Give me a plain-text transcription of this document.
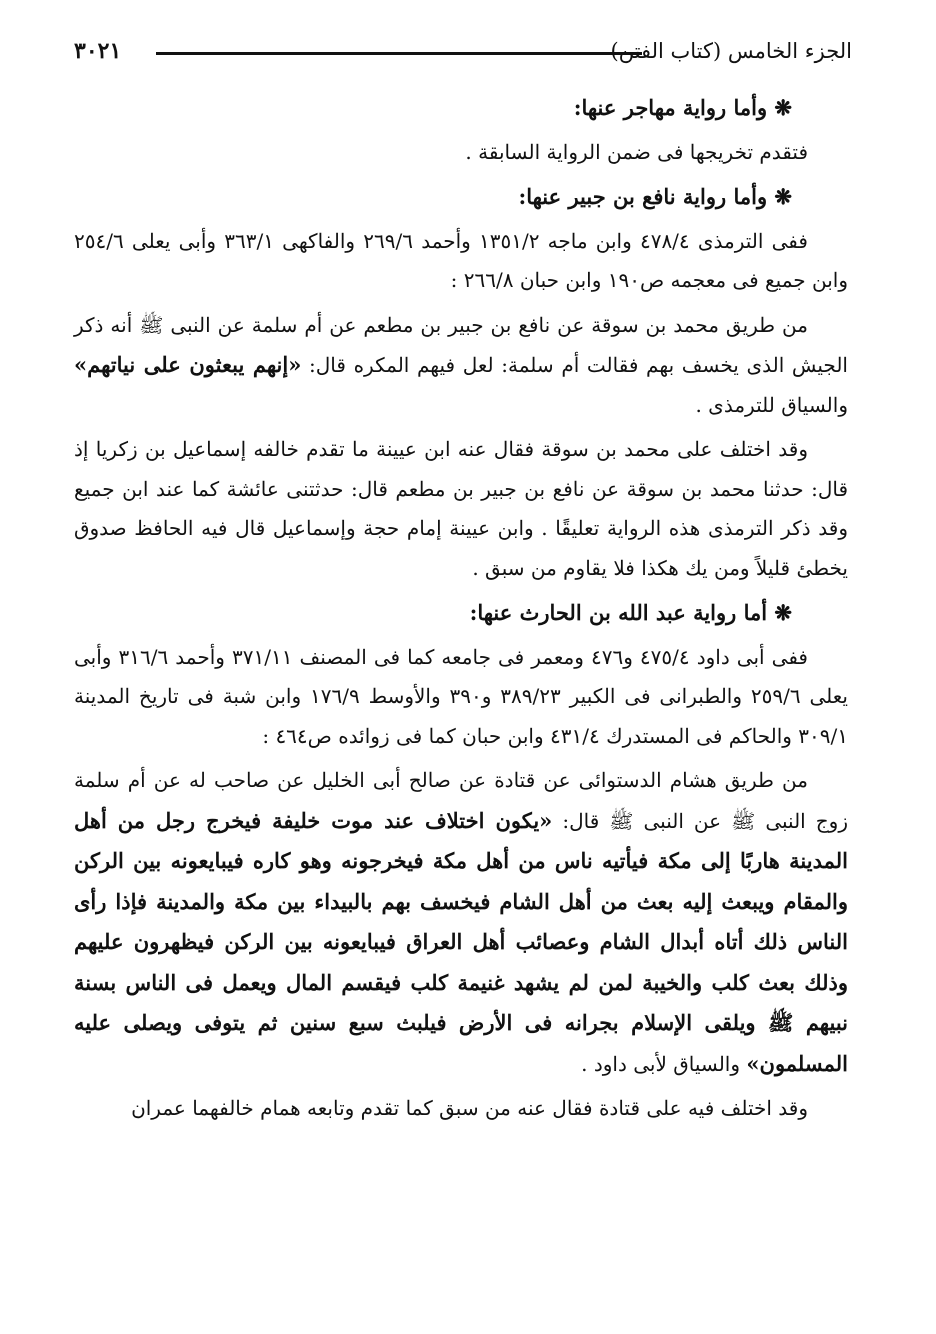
الجزء الخامس (كتاب الفتن)
٣٠٢١

❋ وأما رواية مهاجر عنها:

فتقدم تخريجها فى ضمن الرواية السابقة .

❋ وأما رواية نافع بن جبير عنها:

ففى الترمذى ٤٧٨/٤ وابن ماجه ١٣٥١/٢ وأحمد ٢٦٩/٦ والفاكهى ٣٦٣/١ وأبى يعلى ٢٥٤/٦ وابن جميع فى معجمه ص١٩٠ وابن حبان ٢٦٦/٨ :

من طريق محمد بن سوقة عن نافع بن جبير بن مطعم عن أم سلمة عن النبى ﷺ أنه ذكر الجيش الذى يخسف بهم فقالت أم سلمة: لعل فيهم المكره قال: «إنهم يبعثون على نياتهم» والسياق للترمذى .

وقد اختلف على محمد بن سوقة فقال عنه ابن عيينة ما تقدم خالفه إسماعيل بن زكريا إذ قال: حدثنا محمد بن سوقة عن نافع بن جبير بن مطعم قال: حدثتنى عائشة كما عند ابن جميع وقد ذكر الترمذى هذه الرواية تعليقًا . وابن عيينة إمام حجة وإسماعيل قال فيه الحافظ صدوق يخطئ قليلاً ومن يك هكذا فلا يقاوم من سبق .

❋ أما رواية عبد الله بن الحارث عنها:

ففى أبى داود ٤٧٥/٤ و٤٧٦ ومعمر فى جامعه كما فى المصنف ٣٧١/١١ وأحمد ٣١٦/٦ وأبى يعلى ٢٥٩/٦ والطبرانى فى الكبير ٣٨٩/٢٣ و٣٩٠ والأوسط ١٧٦/٩ وابن شبة فى تاريخ المدينة ٣٠٩/١ والحاكم فى المستدرك ٤٣١/٤ وابن حبان كما فى زوائده ص٤٦٤ :

من طريق هشام الدستوائى عن قتادة عن صالح أبى الخليل عن صاحب له عن أم سلمة زوج النبى ﷺ عن النبى ﷺ قال: «يكون اختلاف عند موت خليفة فيخرج رجل من أهل المدينة هاربًا إلى مكة فيأتيه ناس من أهل مكة فيخرجونه وهو كاره فيبايعونه بين الركن والمقام ويبعث إليه بعث من أهل الشام فيخسف بهم بالبيداء بين مكة والمدينة فإذا رأى الناس ذلك أتاه أبدال الشام وعصائب أهل العراق فيبايعونه بين الركن فيظهرون عليهم وذلك بعث كلب والخيبة لمن لم يشهد غنيمة كلب فيقسم المال ويعمل فى الناس بسنة نبيهم ﷺ ويلقى الإسلام بجرانه فى الأرض فيلبث سبع سنين ثم يتوفى ويصلى عليه المسلمون» والسياق لأبى داود .

وقد اختلف فيه على قتادة فقال عنه من سبق كما تقدم وتابعه همام خالفهما عمران
